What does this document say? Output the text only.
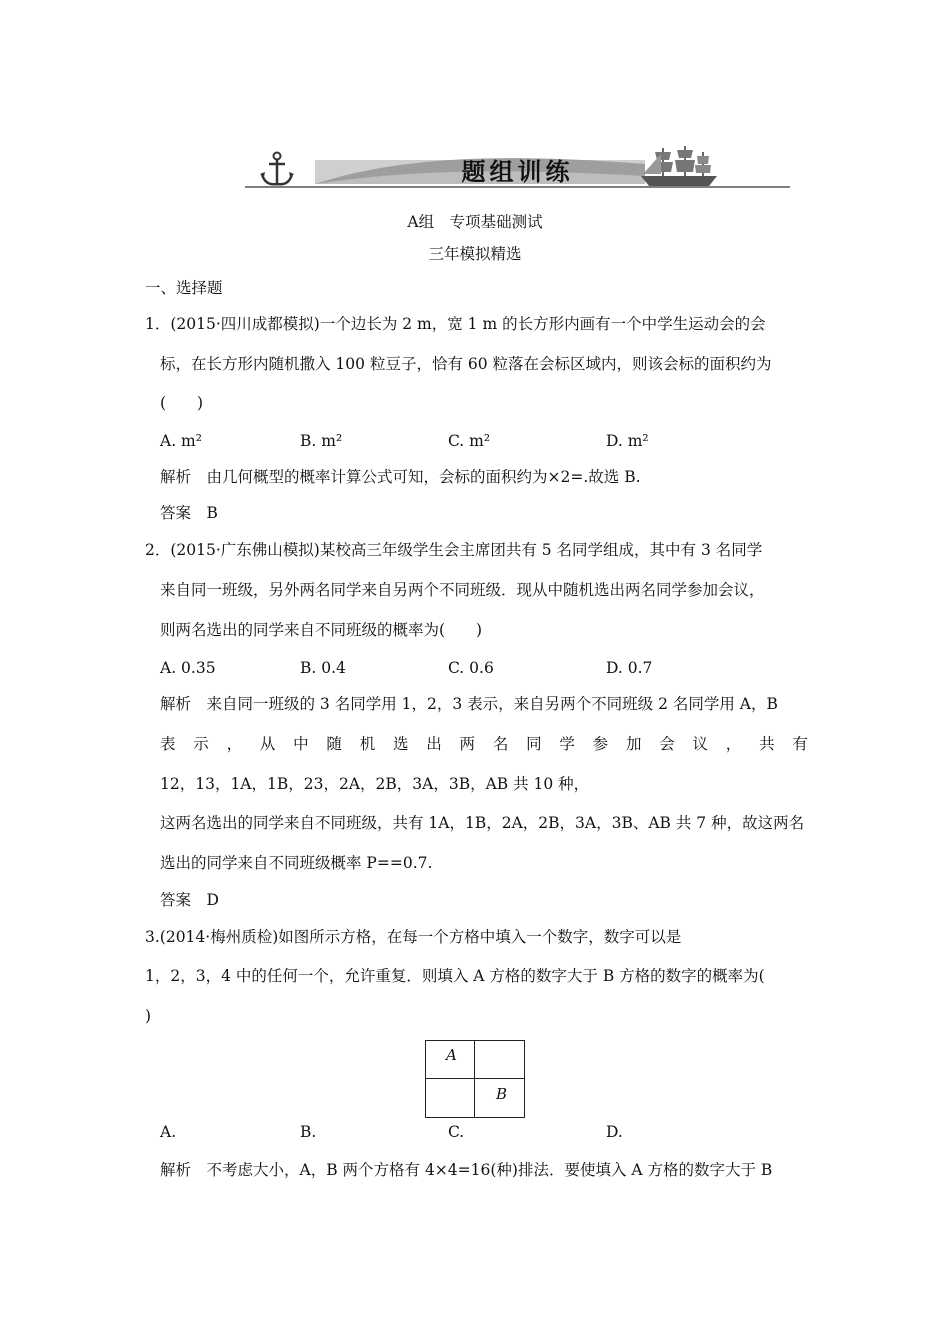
题组训练
A组　专项基础测试
三年模拟精选
一、选择题
1．(2015·四川成都模拟)一个边长为 2 m，宽 1 m 的长方形内画有一个中学生运动会的会
标，在长方形内随机撒入 100 粒豆子，恰有 60 粒落在会标区域内，则该会标的面积约为
(　　)
A. m²	B. m²	C. m²	D. m²
解析　由几何概型的概率计算公式可知，会标的面积约为×2=.故选 B.
答案　B
2．(2015·广东佛山模拟)某校高三年级学生会主席团共有 5 名同学组成，其中有 3 名同学
来自同一班级，另外两名同学来自另两个不同班级．现从中随机选出两名同学参加会议，
则两名选出的同学来自不同班级的概率为(　　)
A. 0.35	B. 0.4	C. 0.6	D. 0.7
解析　来自同一班级的 3 名同学用 1，2，3 表示，来自另两个不同班级 2 名同学用 A，B
表 示 ， 从 中 随 机 选 出 两 名 同 学 参 加 会 议 ， 共 有
12，13，1A，1B，23，2A，2B，3A，3B，AB 共 10 种，
这两名选出的同学来自不同班级，共有 1A，1B，2A，2B，3A，3B、AB 共 7 种，故这两名
选出的同学来自不同班级概率 P==0.7.
答案　D
3.(2014·梅州质检)如图所示方格，在每一个方格中填入一个数字，数字可以是
1，2，3，4 中的任何一个，允许重复．则填入 A 方格的数字大于 B 方格的数字的概率为(
)
A
B
A.	B.	C.	D.
解析　不考虑大小，A，B 两个方格有 4×4=16(种)排法．要使填入 A 方格的数字大于 B
